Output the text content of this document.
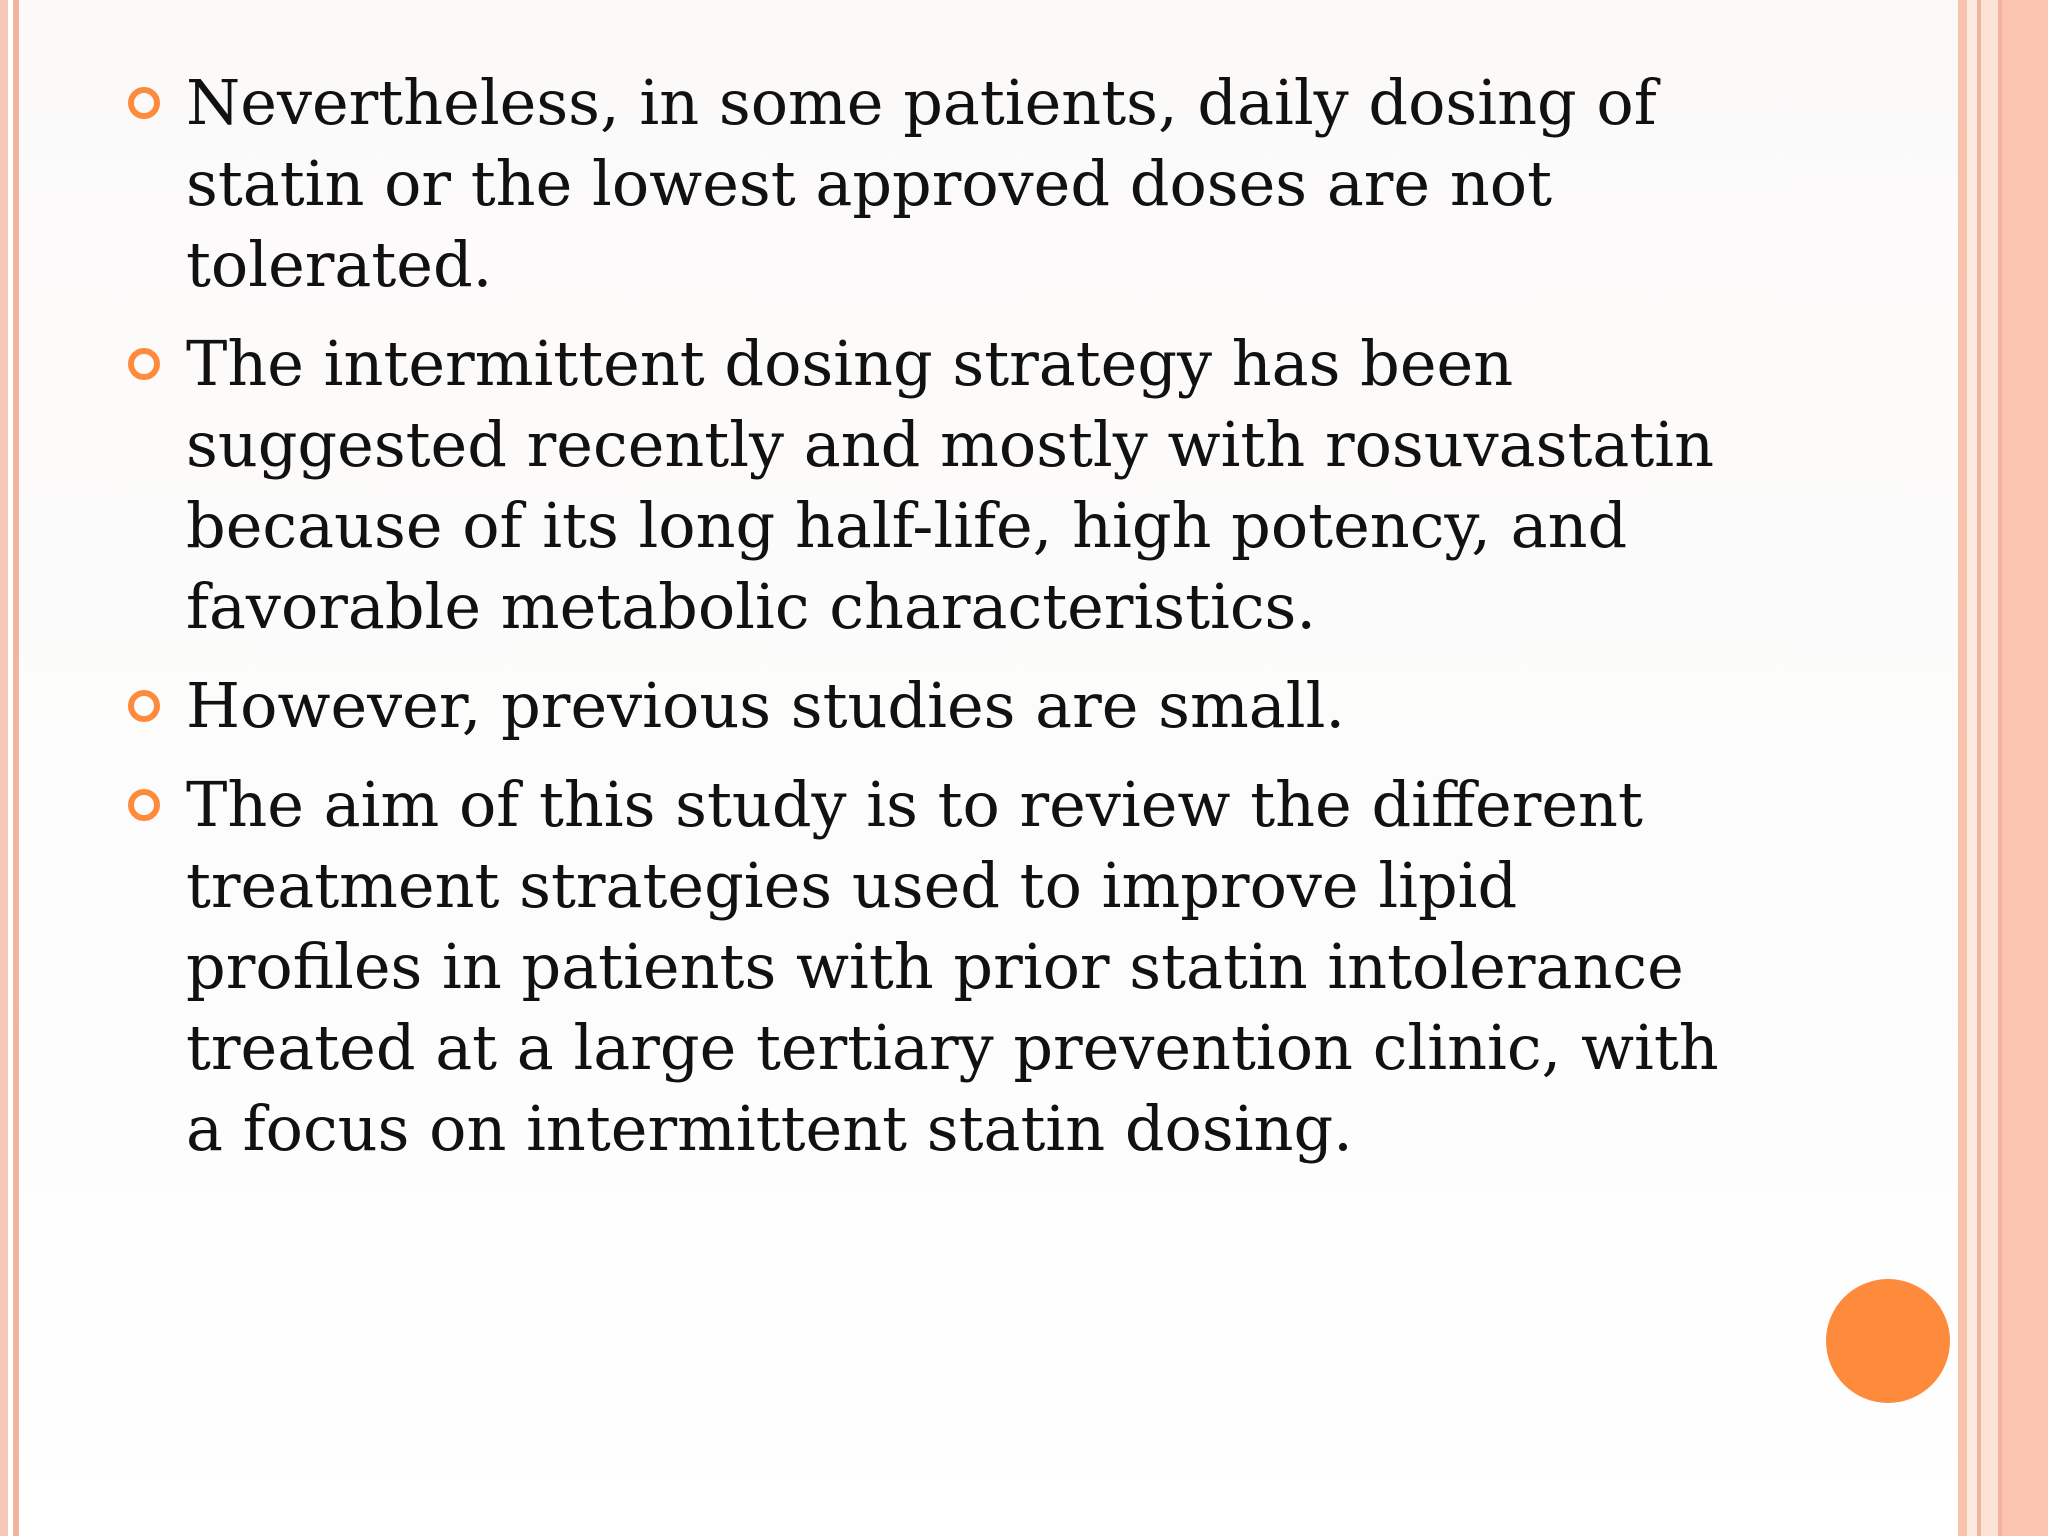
Nevertheless, in some patients, daily dosing of statin or the lowest approved doses are not tolerated.
The intermittent dosing strategy has been suggested recently and mostly with rosuvastatin because of its long half-life, high potency, and favorable metabolic characteristics.
However, previous studies are small.
The aim of this study is to review the different treatment strategies used to improve lipid profiles in patients with prior statin intolerance treated at a large tertiary prevention clinic, with a focus on intermittent statin dosing.
